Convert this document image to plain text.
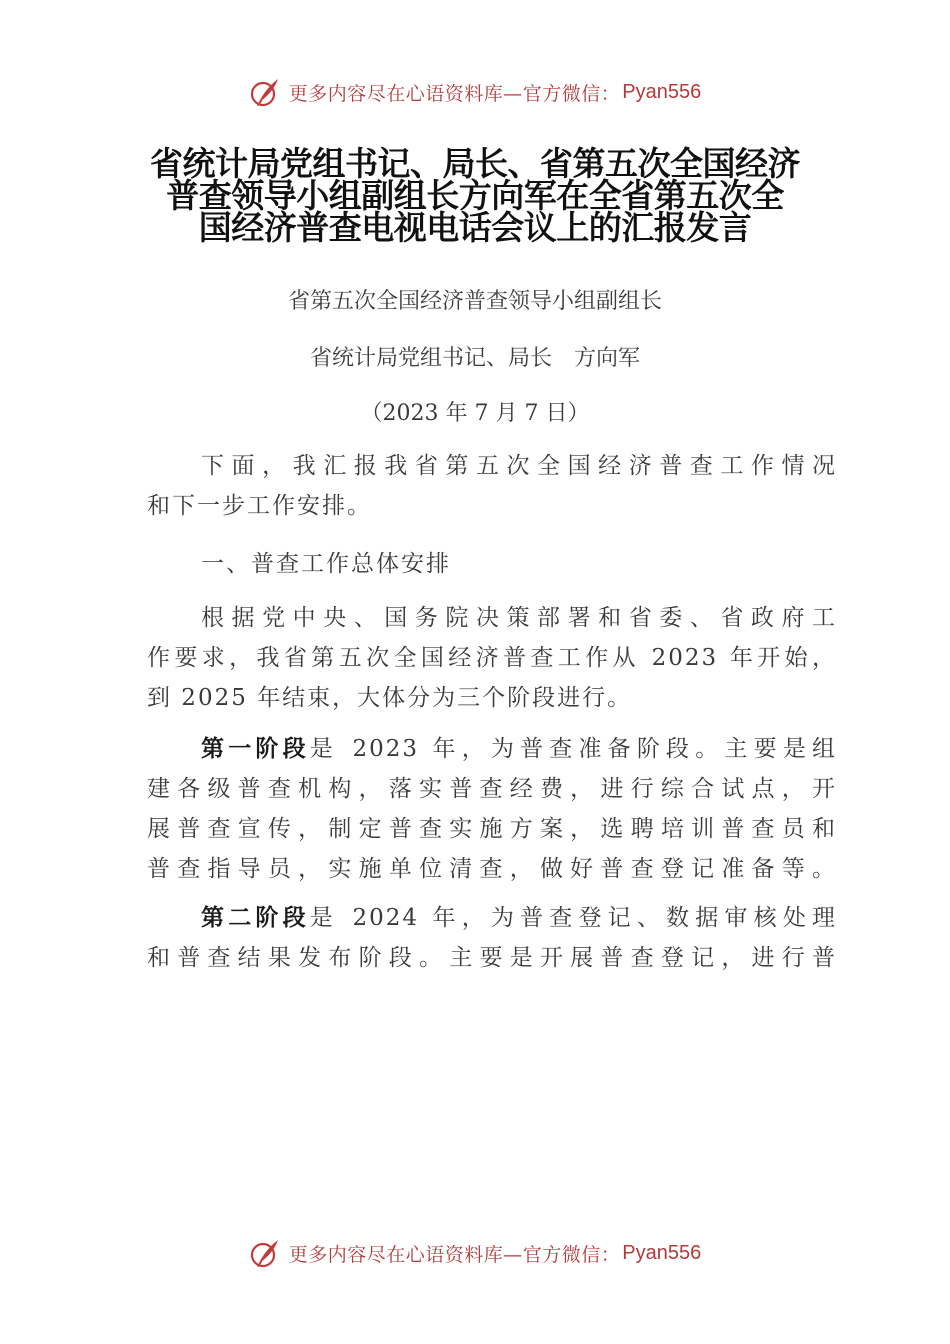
更多内容尽在心语资料库—官方微信： Pyan556
省统计局党组书记、局长、省第五次全国经济
普查领导小组副组长方向军在全省第五次全
国经济普查电视电话会议上的汇报发言
省第五次全国经济普查领导小组副组长
省统计局党组书记、局长　方向军
（2023 年 7 月 7 日）
下面，我汇报我省第五次全国经济普查工作情况
和下一步工作安排。
一、普查工作总体安排
根据党中央、国务院决策部署和省委、省政府工
作要求，我省第五次全国经济普查工作从 2023 年开始，
到 2025 年结束，大体分为三个阶段进行。
第一阶段是 2023 年，为普查准备阶段。主要是组
建各级普查机构，落实普查经费，进行综合试点，开
展普查宣传，制定普查实施方案，选聘培训普查员和
普查指导员，实施单位清查，做好普查登记准备等。
第二阶段是 2024 年，为普查登记、数据审核处理
和普查结果发布阶段。主要是开展普查登记，进行普
更多内容尽在心语资料库—官方微信： Pyan556
